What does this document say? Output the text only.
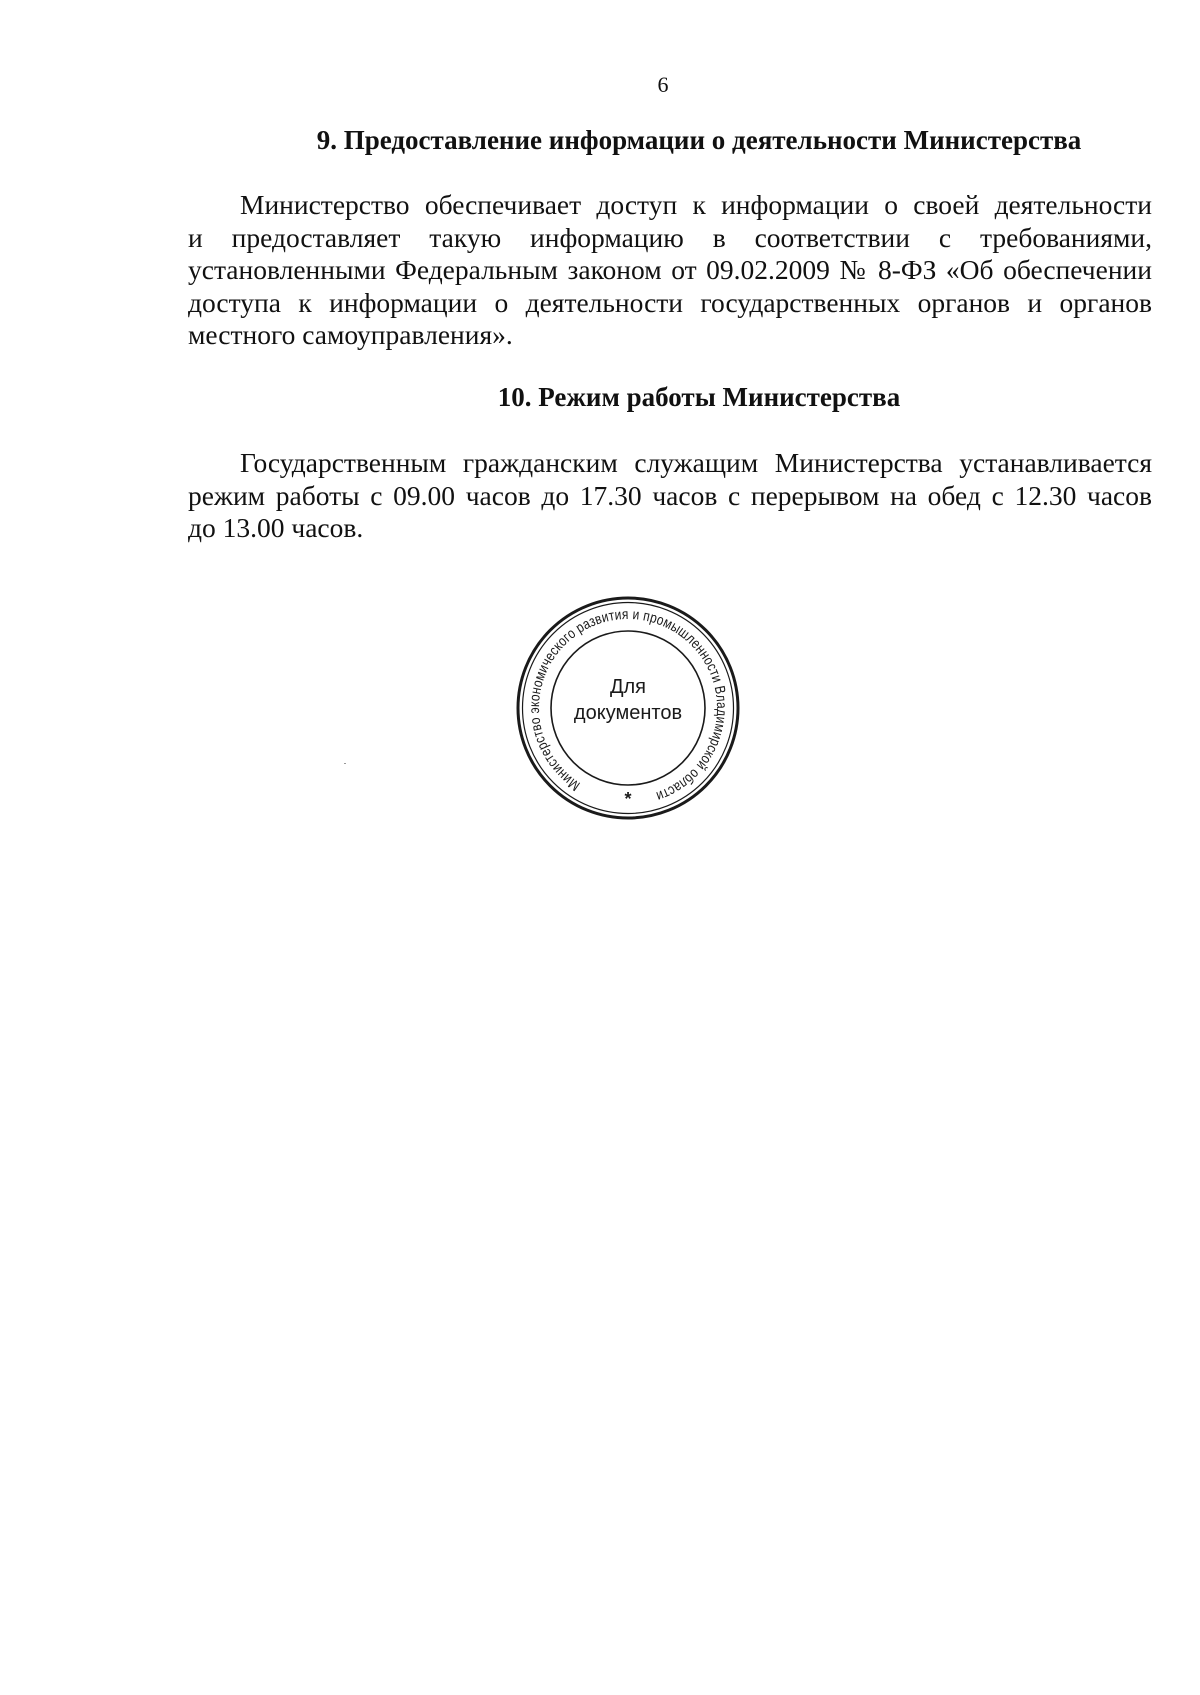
6
9. Предоставление информации о деятельности Министерства
Министерство обеспечивает доступ к информации о своей деятельности
и предоставляет такую информацию в соответствии с требованиями,
установленными Федеральным законом от 09.02.2009 № 8-ФЗ «Об обеспечении
доступа к информации о деятельности государственных органов и органов
местного самоуправления».
10. Режим работы Министерства
Государственным гражданским служащим Министерства устанавливается
режим работы с 09.00 часов до 17.30 часов с перерывом на обед с 12.30 часов
до 13.00 часов.
Министерство экономического развития и промышленности Владимирской области
*
Для
документов
